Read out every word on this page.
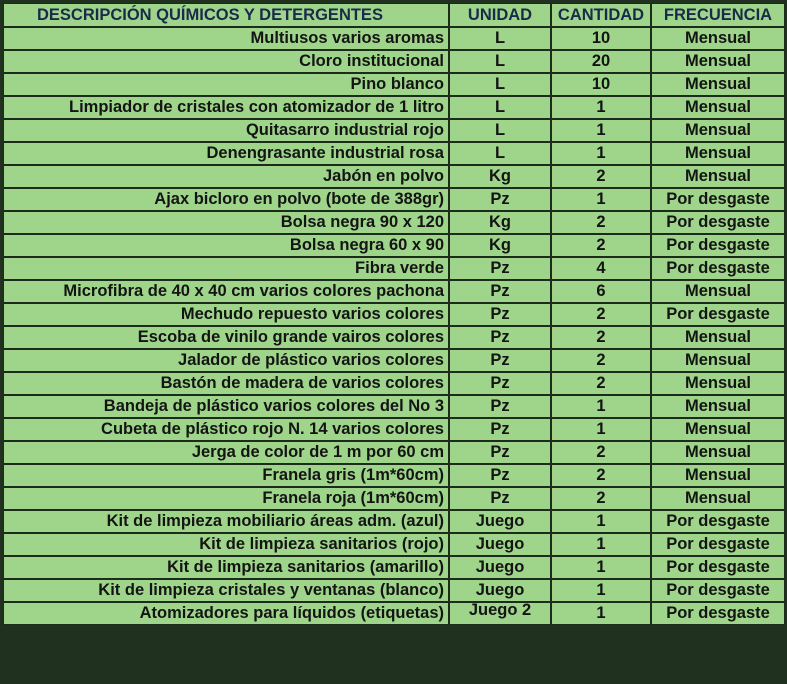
DESCRIPCIÓN QUÍMICOS Y DETERGENTES	UNIDAD	CANTIDAD	FRECUENCIA
Multiusos varios aromas	L	10	Mensual
Cloro institucional	L	20	Mensual
Pino blanco	L	10	Mensual
Limpiador de cristales con atomizador de 1 litro	L	1	Mensual
Quitasarro industrial rojo	L	1	Mensual
Denengrasante industrial rosa	L	1	Mensual
Jabón en polvo	Kg	2	Mensual
Ajax bicloro en polvo (bote de 388gr)	Pz	1	Por desgaste
Bolsa negra 90 x 120	Kg	2	Por desgaste
Bolsa negra 60 x 90	Kg	2	Por desgaste
Fibra verde	Pz	4	Por desgaste
Microfibra de 40 x 40 cm varios colores pachona	Pz	6	Mensual
Mechudo repuesto varios colores	Pz	2	Por desgaste
Escoba de vinilo grande vairos colores	Pz	2	Mensual
Jalador de plástico varios colores	Pz	2	Mensual
Bastón de madera de varios colores	Pz	2	Mensual
Bandeja de plástico varios colores del No 3	Pz	1	Mensual
Cubeta de plástico rojo N. 14 varios colores	Pz	1	Mensual
Jerga de color de 1 m por 60 cm	Pz	2	Mensual
Franela gris (1m*60cm)	Pz	2	Mensual
Franela roja (1m*60cm)	Pz	2	Mensual
Kit de limpieza mobiliario áreas adm. (azul)	Juego	1	Por desgaste
Kit de limpieza sanitarios (rojo)	Juego	1	Por desgaste
Kit de limpieza sanitarios (amarillo)	Juego	1	Por desgaste
Kit de limpieza cristales y ventanas (blanco)	Juego	1	Por desgaste
Atomizadores para líquidos (etiquetas)	Juego 2	1	Por desgaste
